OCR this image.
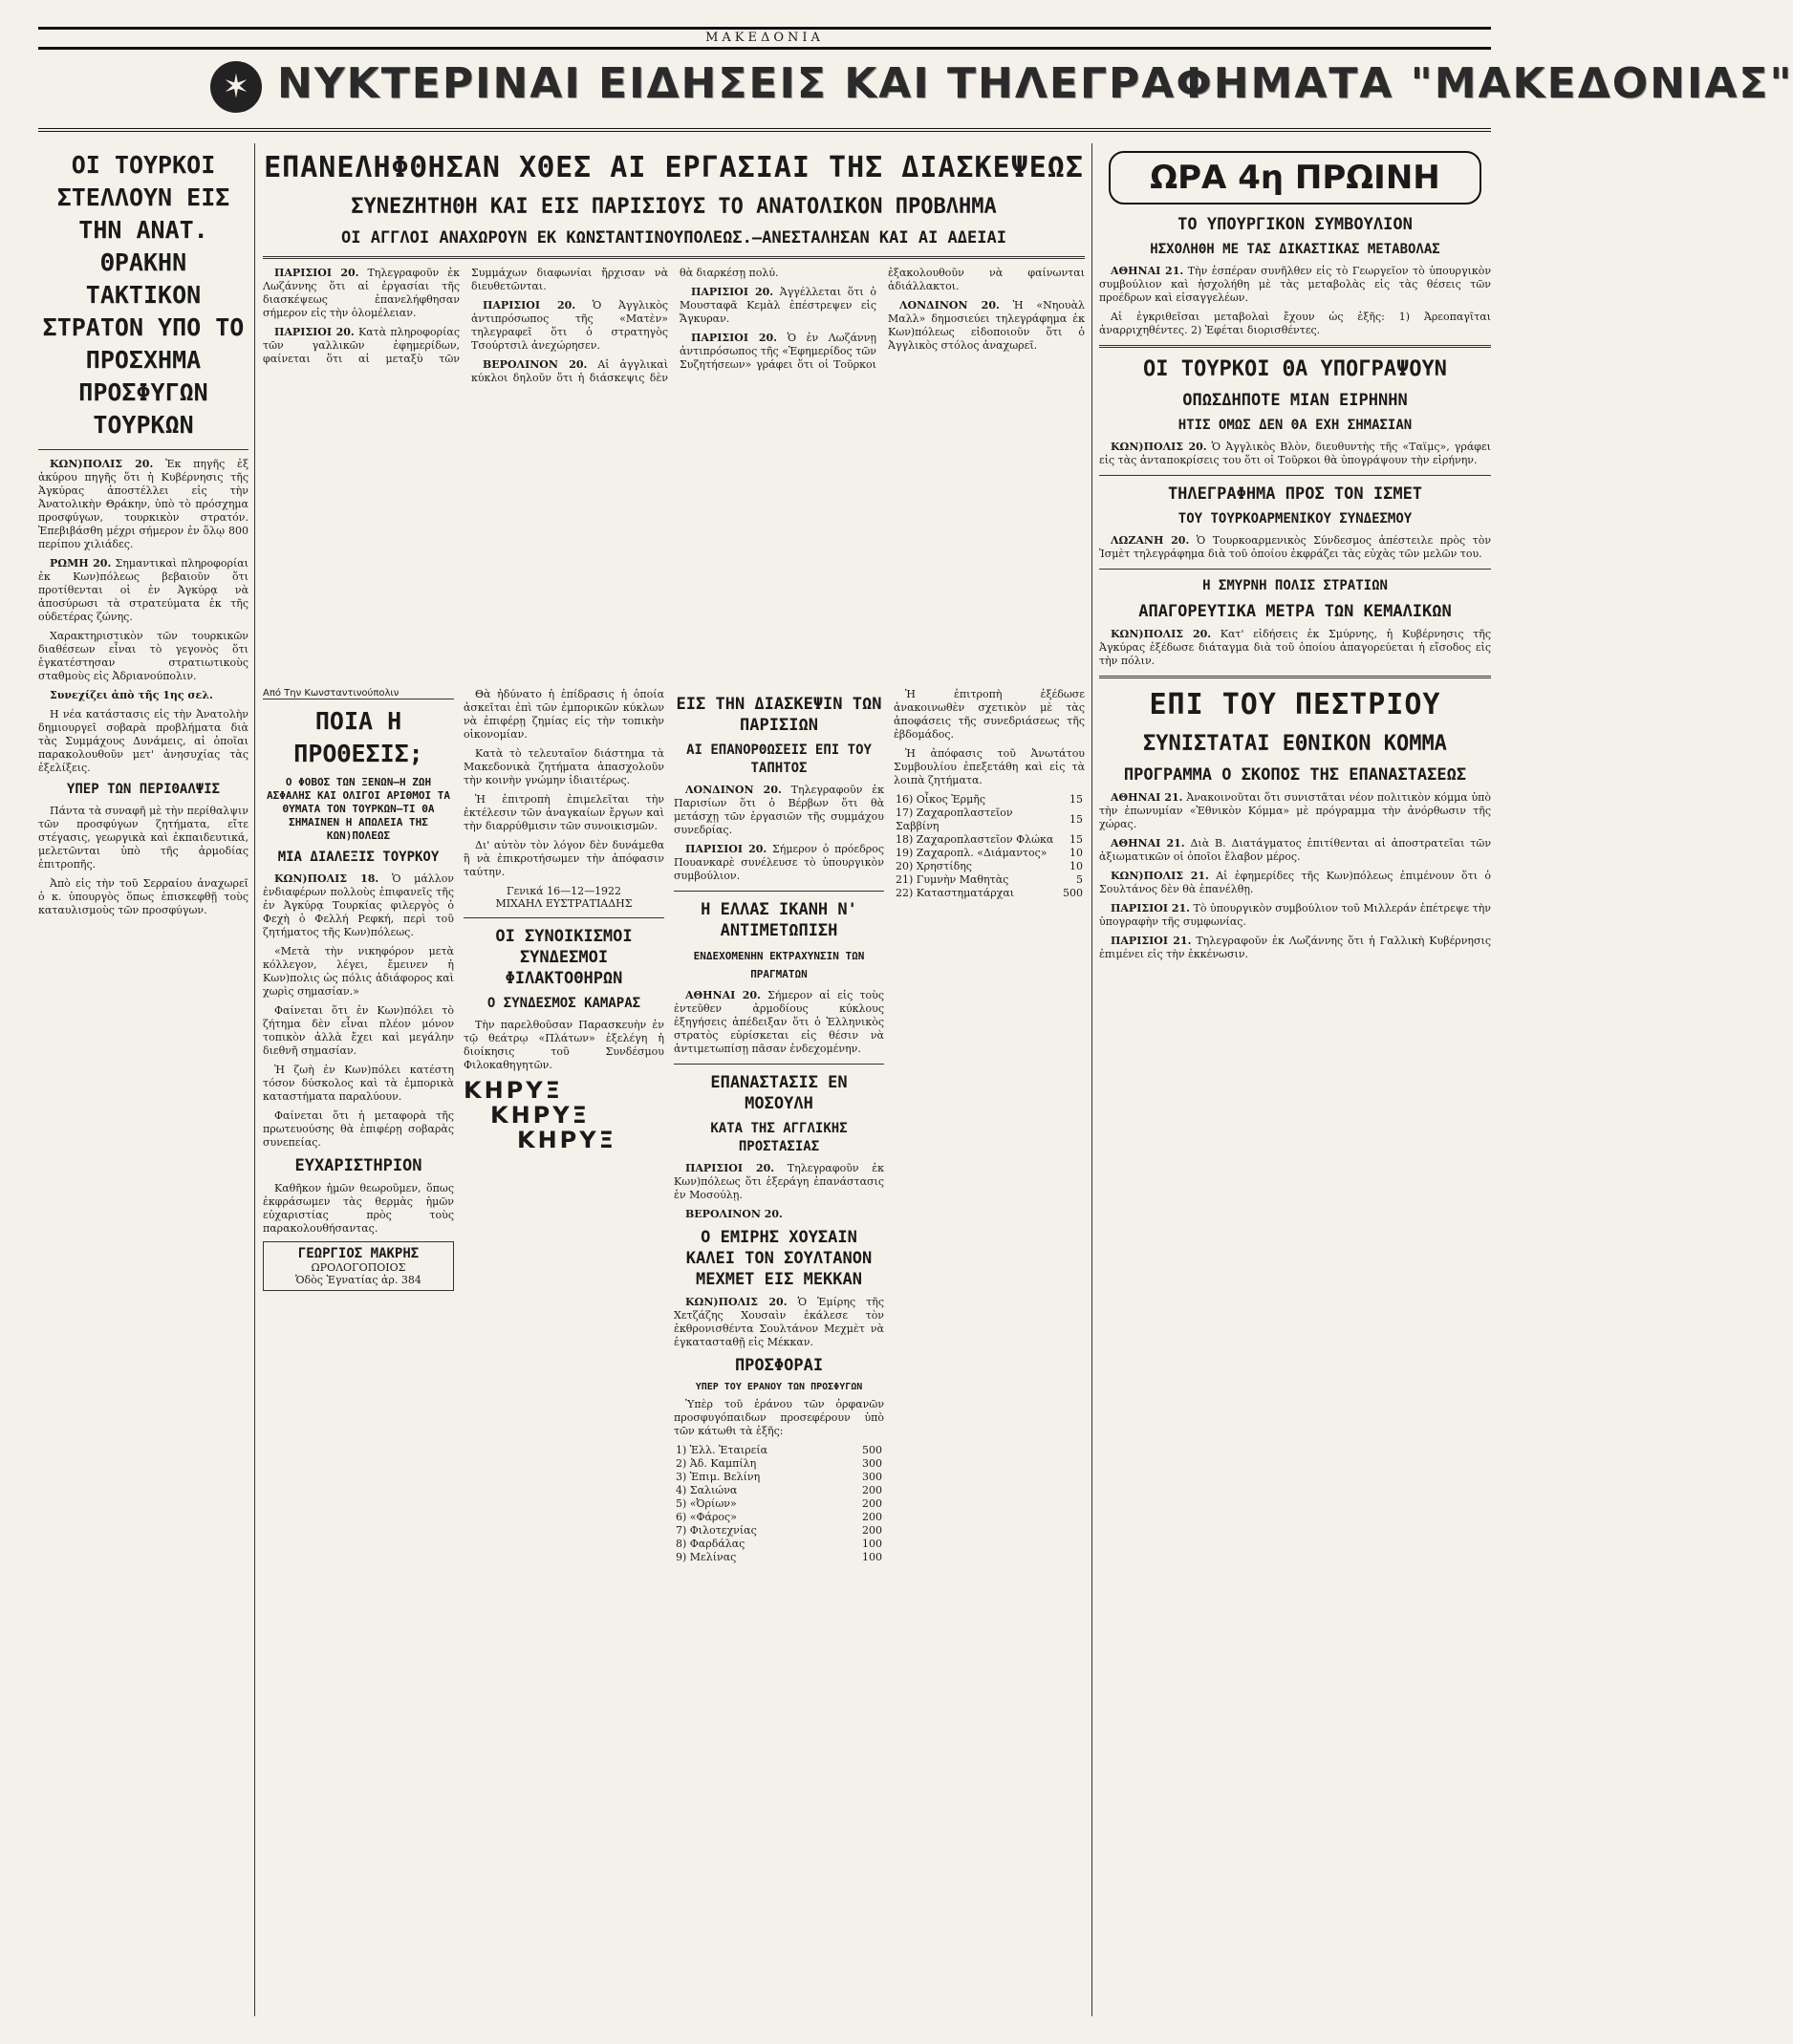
ΜΑΚΕΔΟΝΙΑ
✶ ΝΥΚΤΕΡΙΝΑΙ ΕΙΔΗΣΕΙΣ ΚΑΙ ΤΗΛΕΓΡΑΦΗΜΑΤΑ "ΜΑΚΕΔΟΝΙΑΣ"
ΟΙ ΤΟΥΡΚΟΙ ΣΤΕΛΛΟΥΝ ΕΙΣ ΤΗΝ ΑΝΑΤ. ΘΡΑΚΗΝ ΤΑΚΤΙΚΟΝ ΣΤΡΑΤΟΝ ΥΠΟ ΤΟ ΠΡΟΣΧΗΜΑ ΠΡΟΣΦΥΓΩΝ ΤΟΥΡΚΩΝ

ΚΩΝ)ΠΟΛΙΣ 20. Ἐκ πηγῆς ἐξ ἀκύρου πηγῆς ὅτι ἡ Κυβέρνησις τῆς Ἀγκύρας ἀποστέλλει εἰς τὴν Ἀνατολικὴν Θράκην, ὑπὸ τὸ πρόσχημα προσφύγων, τουρκικὸν στρατόν. Ἐπεβιβάσθη μέχρι σήμερον ἐν ὅλῳ 800 περίπου χιλιάδες.

ΡΩΜΗ 20. Σημαντικαὶ πληροφορίαι ἐκ Κων)πόλεως βεβαιοῦν ὅτι προτίθενται οἱ ἐν Ἀγκύρᾳ νὰ ἀποσύρωσι τὰ στρατεύματα ἐκ τῆς οὐδετέρας ζώνης.

Χαρακτηριστικὸν τῶν τουρκικῶν διαθέσεων εἶναι τὸ γεγονὸς ὅτι ἐγκατέστησαν στρατιωτικοὺς σταθμοὺς εἰς Ἀδριανούπολιν.

Συνεχίζει ἀπὸ τῆς 1ης σελ.

Η νέα κατάστασις εἰς τὴν Ἀνατολὴν δημιουργεῖ σοβαρὰ προβλήματα διὰ τὰς Συμμάχους Δυνάμεις, αἱ ὁποῖαι παρακολουθοῦν μετ' ἀνησυχίας τὰς ἐξελίξεις.

ΥΠΕΡ ΤΩΝ ΠΕΡΙΘΑΛΨΙΣ

Πάντα τὰ συναφῆ μὲ τὴν περίθαλψιν τῶν προσφύγων ζητήματα, εἴτε στέγασις, γεωργικὰ καὶ ἐκπαιδευτικά, μελετῶνται ὑπὸ τῆς ἁρμοδίας ἐπιτροπῆς.

Ἀπὸ εἰς τὴν τοῦ Σερραίου ἀναχωρεῖ ὁ κ. ὑπουργὸς ὅπως ἐπισκεφθῇ τοὺς καταυλισμοὺς τῶν προσφύγων.

ΕΠΑΝΕΛΗΦΘΗΣΑΝ ΧΘΕΣ ΑΙ ΕΡΓΑΣΙΑΙ ΤΗΣ ΔΙΑΣΚΕΨΕΩΣ
ΣΥΝΕΖΗΤΗΘΗ ΚΑΙ ΕΙΣ ΠΑΡΙΣΙΟΥΣ ΤΟ ΑΝΑΤΟΛΙΚΟΝ ΠΡΟΒΛΗΜΑ
ΟΙ ΑΓΓΛΟΙ ΑΝΑΧΩΡΟΥΝ ΕΚ ΚΩΝΣΤΑΝΤΙΝΟΥΠΟΛΕΩΣ.—ΑΝΕΣΤΑΛΗΣΑΝ ΚΑΙ ΑΙ ΑΔΕΙΑΙ

ΠΑΡΙΣΙΟΙ 20. Τηλεγραφοῦν ἐκ Λωζάννης ὅτι αἱ ἐργασίαι τῆς διασκέψεως ἐπανελήφθησαν σήμερον εἰς τὴν ὁλομέλειαν.

ΠΑΡΙΣΙΟΙ 20. Κατὰ πληροφορίας τῶν γαλλικῶν ἐφημερίδων, φαίνεται ὅτι αἱ μεταξὺ τῶν Συμμάχων διαφωνίαι ἤρχισαν νὰ διευθετῶνται.

ΠΑΡΙΣΙΟΙ 20. Ὁ Ἀγγλικὸς ἀντιπρόσωπος τῆς «Ματὲν» τηλεγραφεῖ ὅτι ὁ στρατηγὸς Τσούρτσιλ ἀνεχώρησεν.

ΒΕΡΟΛΙΝΟΝ 20. Αἱ ἀγγλικαὶ κύκλοι δηλοῦν ὅτι ἡ διάσκεψις δὲν θὰ διαρκέσῃ πολύ.

ΠΑΡΙΣΙΟΙ 20. Ἀγγέλλεται ὅτι ὁ Μουσταφᾶ Κεμὰλ ἐπέστρεψεν εἰς Ἄγκυραν.

ΠΑΡΙΣΙΟΙ 20. Ὁ ἐν Λωζάννῃ ἀντιπρόσωπος τῆς «Ἐφημερίδος τῶν Συζητήσεων» γράφει ὅτι οἱ Τοῦρκοι ἐξακολουθοῦν νὰ φαίνωνται ἀδιάλλακτοι.

ΛΟΝΔΙΝΟΝ 20. Ἡ «Νηουὰλ Μαλλ» δημοσιεύει τηλεγράφημα ἐκ Κων)πόλεως εἰδοποιοῦν ὅτι ὁ Ἀγγλικὸς στόλος ἀναχωρεῖ.

Από Την Κωνσταντινούπολιν
ΠΟΙΑ Η ΠΡΟΘΕΣΙΣ;
Ο ΦΟΒΟΣ ΤΩΝ ΞΕΝΩΝ—Η ΖΩΗ ΑΣΦΑΛΗΣ ΚΑΙ ΟΛΙΓΟΙ ΑΡΙΘΜΟΙ ΤΑ ΘΥΜΑΤΑ ΤΟΝ ΤΟΥΡΚΩΝ—ΤΙ ΘΑ ΣΗΜΑΙΝΕΝ Η ΑΠΩΛΕΙΑ ΤΗΣ ΚΩΝ)ΠΟΛΕΩΣ
ΜΙΑ ΔΙΑΛΕΞΙΣ ΤΟΥΡΚΟΥ

ΚΩΝ)ΠΟΛΙΣ 18. Ὁ μάλλον ἐνδιαφέρων πολλοὺς ἐπιφανεῖς τῆς ἐν Ἀγκύρᾳ Τουρκίας φιλεργὸς ὁ Φεχὴ ὁ Φελλή Ρεφκή, περὶ τοῦ ζητήματος τῆς Κων)πόλεως.

«Μετὰ τὴν νικηφόρον μετὰ κόλλεγον, λέγει, ἔμεινεν ἡ Κων)πολις ὡς πόλις ἀδιάφορος καὶ χωρὶς σημασίαν.»

Φαίνεται ὅτι ἐν Κων)πόλει τὸ ζήτημα δὲν εἶναι πλέον μόνον τοπικὸν ἀλλὰ ἔχει καὶ μεγάλην διεθνῆ σημασίαν.

Ἡ ζωὴ ἐν Κων)πόλει κατέστη τόσον δύσκολος καὶ τὰ ἐμπορικὰ καταστήματα παραλύουν.

Φαίνεται ὅτι ἡ μεταφορὰ τῆς πρωτευούσης θὰ ἐπιφέρῃ σοβαρὰς συνεπείας.

ΕΥΧΑΡΙΣΤΗΡΙΟΝ

Καθῆκον ἡμῶν θεωροῦμεν, ὅπως ἐκφράσωμεν τὰς θερμὰς ἡμῶν εὐχαριστίας πρὸς τοὺς παρακολουθήσαντας.

ΓΕΩΡΓΙΟΣ ΜΑΚΡΗΣ
ΩΡΟΛΟΓΟΠΟΙΟΣ
Ὁδὸς Ἐγνατίας ἀρ. 384

Θὰ ἠδύνατο ἡ ἐπίδρασις ἡ ὁποία ἀσκεῖται ἐπὶ τῶν ἐμπορικῶν κύκλων νὰ ἐπιφέρῃ ζημίας εἰς τὴν τοπικὴν οἰκονομίαν.

Κατὰ τὸ τελευταῖον διάστημα τὰ Μακεδονικὰ ζητήματα ἀπασχολοῦν τὴν κοινὴν γνώμην ἰδιαιτέρως.

Ἡ ἐπιτροπὴ ἐπιμελεῖται τὴν ἐκτέλεσιν τῶν ἀναγκαίων ἔργων καὶ τὴν διαρρύθμισιν τῶν συνοικισμῶν.

Δι' αὐτὸν τὸν λόγον δὲν δυνάμεθα ἢ νὰ ἐπικροτήσωμεν τὴν ἀπόφασιν ταύτην.

Γενικά 16—12—1922
ΜΙΧΑΗΛ ΕΥΣΤΡΑΤΙΑΔΗΣ
ΟΙ ΣΥΝΟΙΚΙΣΜΟΙ ΣΥΝΔΕΣΜΟΙ ΦΙΛΑΚΤΟΘΗΡΩΝ
Ο ΣΥΝΔΕΣΜΟΣ ΚΑΜΑΡΑΣ

Τὴν παρελθοῦσαν Παρασκευὴν ἐν τῷ θεάτρῳ «Πλάτων» ἐξελέγη ἡ διοίκησις τοῦ Συνδέσμου Φιλοκαθηγητῶν.

ΚΗΡΥΞ
ΚΗΡΥΞ
ΚΗΡΥΞ
ΕΙΣ ΤΗΝ ΔΙΑΣΚΕΨΙΝ ΤΩΝ ΠΑΡΙΣΙΩΝ
ΑΙ ΕΠΑΝΟΡΘΩΣΕΙΣ ΕΠΙ ΤΟΥ ΤΑΠΗΤΟΣ

ΛΟΝΔΙΝΟΝ 20. Τηλεγραφοῦν ἐκ Παρισίων ὅτι ὁ Βέρβων ὅτι θὰ μετάσχῃ τῶν ἐργασιῶν τῆς συμμάχου συνεδρίας.

ΠΑΡΙΣΙΟΙ 20. Σήμερον ὁ πρόεδρος Πουανκαρὲ συνέλευσε τὸ ὑπουργικὸν συμβούλιον.

Η ΕΛΛΑΣ ΙΚΑΝΗ Ν' ΑΝΤΙΜΕΤΩΠΙΣΗ
ΕΝΔΕΧΟΜΕΝΗΝ ΕΚΤΡΑΧΥΝΣΙΝ ΤΩΝ ΠΡΑΓΜΑΤΩΝ

ΑΘΗΝΑΙ 20. Σήμερον αἱ εἰς τοὺς ἐντεῦθεν ἀρμοδίους κύκλους ἐξηγήσεις ἀπέδειξαν ὅτι ὁ Ἑλληνικὸς στρατὸς εὑρίσκεται εἰς θέσιν νὰ ἀντιμετωπίσῃ πᾶσαν ἐνδεχομένην.

ΕΠΑΝΑΣΤΑΣΙΣ ΕΝ ΜΟΣΟΥΛΗ
ΚΑΤΑ ΤΗΣ ΑΓΓΛΙΚΗΣ ΠΡΟΣΤΑΣΙΑΣ

ΠΑΡΙΣΙΟΙ 20. Τηλεγραφοῦν ἐκ Κων)πόλεως ὅτι ἐξεράγη ἐπανάστασις ἐν Μοσούλῃ.

ΒΕΡΟΛΙΝΟΝ 20.

Ο ΕΜΙΡΗΣ ΧΟΥΣΑΙΝ ΚΑΛΕΙ ΤΟΝ ΣΟΥΛΤΑΝΟΝ ΜΕΧΜΕΤ ΕΙΣ ΜΕΚΚΑΝ

ΚΩΝ)ΠΟΛΙΣ 20. Ὁ Ἐμίρης τῆς Χετζάζης Χουσαὶν ἐκάλεσε τὸν ἐκθρονισθέντα Σουλτάνον Μεχμὲτ νὰ ἐγκατασταθῇ εἰς Μέκκαν.

ΠΡΟΣΦΟΡΑΙ
ΥΠΕΡ ΤΟΥ ΕΡΑΝΟΥ ΤΩΝ ΠΡΟΣΦΥΓΩΝ

Ὑπὲρ τοῦ ἐράνου τῶν ὀρφανῶν προσφυγόπαιδων προσεφέρουν ὑπὸ τῶν κάτωθι τὰ ἑξῆς:

1) Ἑλλ. Ἐταιρεία	500
2) Ἀδ. Καμπίλη	300
3) Ἐπιμ. Βελίνη	300
4) Σαλιώνα	200
5) «Ὀρίων»	200
6) «Φάρος»	200
7) Φιλοτεχνίας	200
8) Φαρδάλας	100
9) Μελίνας	100

Ἡ ἐπιτροπὴ ἐξέδωσε ἀνακοινωθὲν σχετικὸν μὲ τὰς ἀποφάσεις τῆς συνεδριάσεως τῆς ἐβδομάδος.

Ἡ ἀπόφασις τοῦ Ἀνωτάτου Συμβουλίου ἐπεξετάθη καὶ εἰς τὰ λοιπὰ ζητήματα.

16) Οἶκος Ἐρμῆς	15
17) Ζαχαροπλαστεῖον Σαββίνη	15
18) Ζαχαροπλαστεῖον Φλώκα	15
19) Ζαχαροπλ. «Διάμαντος»	10
20) Χρηστίδης	10
21) Γυμνὴν Μαθητὰς	5
22) Καταστηματάρχαι	500
ΩΡΑ 4η ΠΡΩΙΝΗ
ΤΟ ΥΠΟΥΡΓΙΚΟΝ ΣΥΜΒΟΥΛΙΟΝ
ΗΣΧΟΛΗΘΗ ΜΕ ΤΑΣ ΔΙΚΑΣΤΙΚΑΣ ΜΕΤΑΒΟΛΑΣ

ΑΘΗΝΑΙ 21. Τὴν ἑσπέραν συνῆλθεν εἰς τὸ Γεωργεῖον τὸ ὑπουργικὸν συμβούλιον καὶ ἠσχολήθη μὲ τὰς μεταβολὰς εἰς τὰς θέσεις τῶν προέδρων καὶ εἰσαγγελέων.

Αἱ ἐγκριθεῖσαι μεταβολαὶ ἔχουν ὡς ἑξῆς: 1) Ἀρεοπαγῖται ἀναρριχηθέντες. 2) Ἐφέται διορισθέντες.

ΟΙ ΤΟΥΡΚΟΙ ΘΑ ΥΠΟΓΡΑΨΟΥΝ
ΟΠΩΣΔΗΠΟΤΕ ΜΙΑΝ ΕΙΡΗΝΗΝ
ΗΤΙΣ ΟΜΩΣ ΔΕΝ ΘΑ ΕΧΗ ΣΗΜΑΣΙΑΝ

ΚΩΝ)ΠΟΛΙΣ 20. Ὁ Ἀγγλικὸς Βλὸν, διευθυντὴς τῆς «Ταϊμς», γράφει εἰς τὰς ἀνταποκρίσεις του ὅτι οἱ Τοῦρκοι θὰ ὑπογράψουν τὴν εἰρήνην.

ΤΗΛΕΓΡΑΦΗΜΑ ΠΡΟΣ ΤΟΝ ΙΣΜΕΤ
ΤΟΥ ΤΟΥΡΚΟΑΡΜΕΝΙΚΟΥ ΣΥΝΔΕΣΜΟΥ

ΛΩΖΑΝΗ 20. Ὁ Τουρκοαρμενικὸς Σύνδεσμος ἀπέστειλε πρὸς τὸν Ἰσμὲτ τηλεγράφημα διὰ τοῦ ὁποίου ἐκφράζει τὰς εὐχὰς τῶν μελῶν του.

Η ΣΜΥΡΝΗ ΠΟΛΙΣ ΣΤΡΑΤΙΩΝ
ΑΠΑΓΟΡΕΥΤΙΚΑ ΜΕΤΡΑ ΤΩΝ ΚΕΜΑΛΙΚΩΝ

ΚΩΝ)ΠΟΛΙΣ 20. Κατ' εἰδήσεις ἐκ Σμύρνης, ἡ Κυβέρνησις τῆς Ἀγκύρας ἐξέδωσε διάταγμα διὰ τοῦ ὁποίου ἀπαγορεύεται ἡ εἴσοδος εἰς τὴν πόλιν.

ΕΠΙ ΤΟΥ ΠΕΣΤΡΙΟΥ
ΣΥΝΙΣΤΑΤΑΙ ΕΘΝΙΚΟΝ ΚΟΜΜΑ
ΠΡΟΓΡΑΜΜΑ Ο ΣΚΟΠΟΣ ΤΗΣ ΕΠΑΝΑΣΤΑΣΕΩΣ

ΑΘΗΝΑΙ 21. Ἀνακοινοῦται ὅτι συνιστᾶται νέον πολιτικὸν κόμμα ὑπὸ τὴν ἐπωνυμίαν «Ἐθνικὸν Κόμμα» μὲ πρόγραμμα τὴν ἀνόρθωσιν τῆς χώρας.

ΑΘΗΝΑΙ 21. Διὰ Β. Διατάγματος ἐπιτίθενται αἱ ἀποστρατεῖαι τῶν ἀξιωματικῶν οἱ ὁποῖοι ἔλαβον μέρος.

ΚΩΝ)ΠΟΛΙΣ 21. Αἱ ἐφημερίδες τῆς Κων)πόλεως ἐπιμένουν ὅτι ὁ Σουλτάνος δὲν θὰ ἐπανέλθῃ.

ΠΑΡΙΣΙΟΙ 21. Τὸ ὑπουργικὸν συμβούλιον τοῦ Μιλλεράν ἐπέτρεψε τὴν ὑπογραφὴν τῆς συμφωνίας.

ΠΑΡΙΣΙΟΙ 21. Τηλεγραφοῦν ἐκ Λωζάννης ὅτι ἡ Γαλλικὴ Κυβέρνησις ἐπιμένει εἰς τὴν ἐκκένωσιν.
